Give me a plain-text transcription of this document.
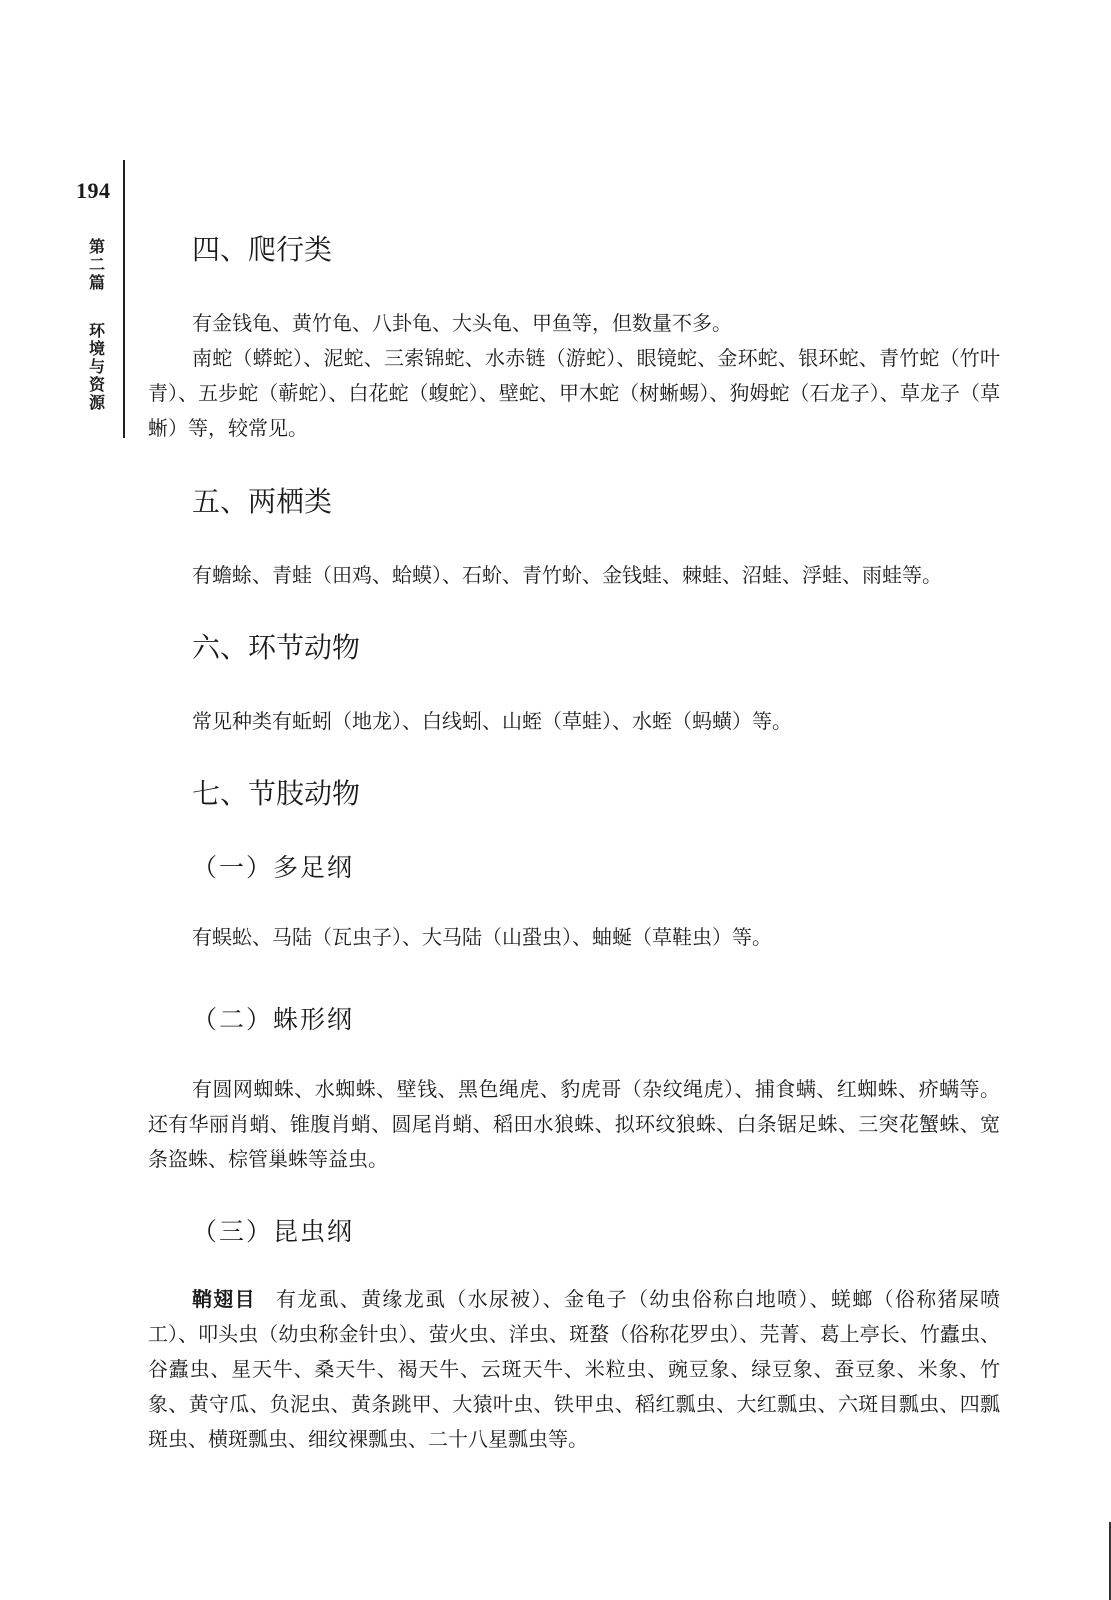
194
第
二
篇
环
境
与
资
源
四、爬行类
有金钱龟、黄竹龟、八卦龟、大头龟、甲鱼等，但数量不多。
南蛇（蟒蛇）、泥蛇、三索锦蛇、水赤链（游蛇）、眼镜蛇、金环蛇、银环蛇、青竹蛇（竹叶青）、五步蛇（蕲蛇）、白花蛇（蝮蛇）、壁蛇、甲木蛇（树蜥蜴）、狗姆蛇（石龙子）、草龙子（草蜥）等，较常见。
五、两栖类
有蟾蜍、青蛙（田鸡、蛤蟆）、石蚧、青竹蚧、金钱蛙、棘蛙、沼蛙、浮蛙、雨蛙等。
六、环节动物
常见种类有蚯蚓（地龙）、白线蚓、山蛭（草蛙）、水蛭（蚂蟥）等。
七、节肢动物
（一）多足纲
有蜈蚣、马陆（瓦虫子）、大马陆（山蛩虫）、蚰蜒（草鞋虫）等。
（二）蛛形纲
有圆网蜘蛛、水蜘蛛、壁钱、黑色绳虎、豹虎哥（杂纹绳虎）、捕食螨、红蜘蛛、疥螨等。还有华丽肖蛸、锥腹肖蛸、圆尾肖蛸、稻田水狼蛛、拟环纹狼蛛、白条锯足蛛、三突花蟹蛛、宽条盗蛛、棕管巢蛛等益虫。
（三）昆虫纲
鞘翅目 有龙虱、黄缘龙虱（水尿被）、金龟子（幼虫俗称白地喷）、蜣螂（俗称猪屎喷工）、叩头虫（幼虫称金针虫）、萤火虫、洋虫、斑蝥（俗称花罗虫）、芫菁、葛上亭长、竹蠹虫、谷蠹虫、星天牛、桑天牛、褐天牛、云斑天牛、米粒虫、豌豆象、绿豆象、蚕豆象、米象、竹象、黄守瓜、负泥虫、黄条跳甲、大猿叶虫、铁甲虫、稻红瓢虫、大红瓢虫、六斑目瓢虫、四瓢斑虫、横斑瓢虫、细纹裸瓢虫、二十八星瓢虫等。
